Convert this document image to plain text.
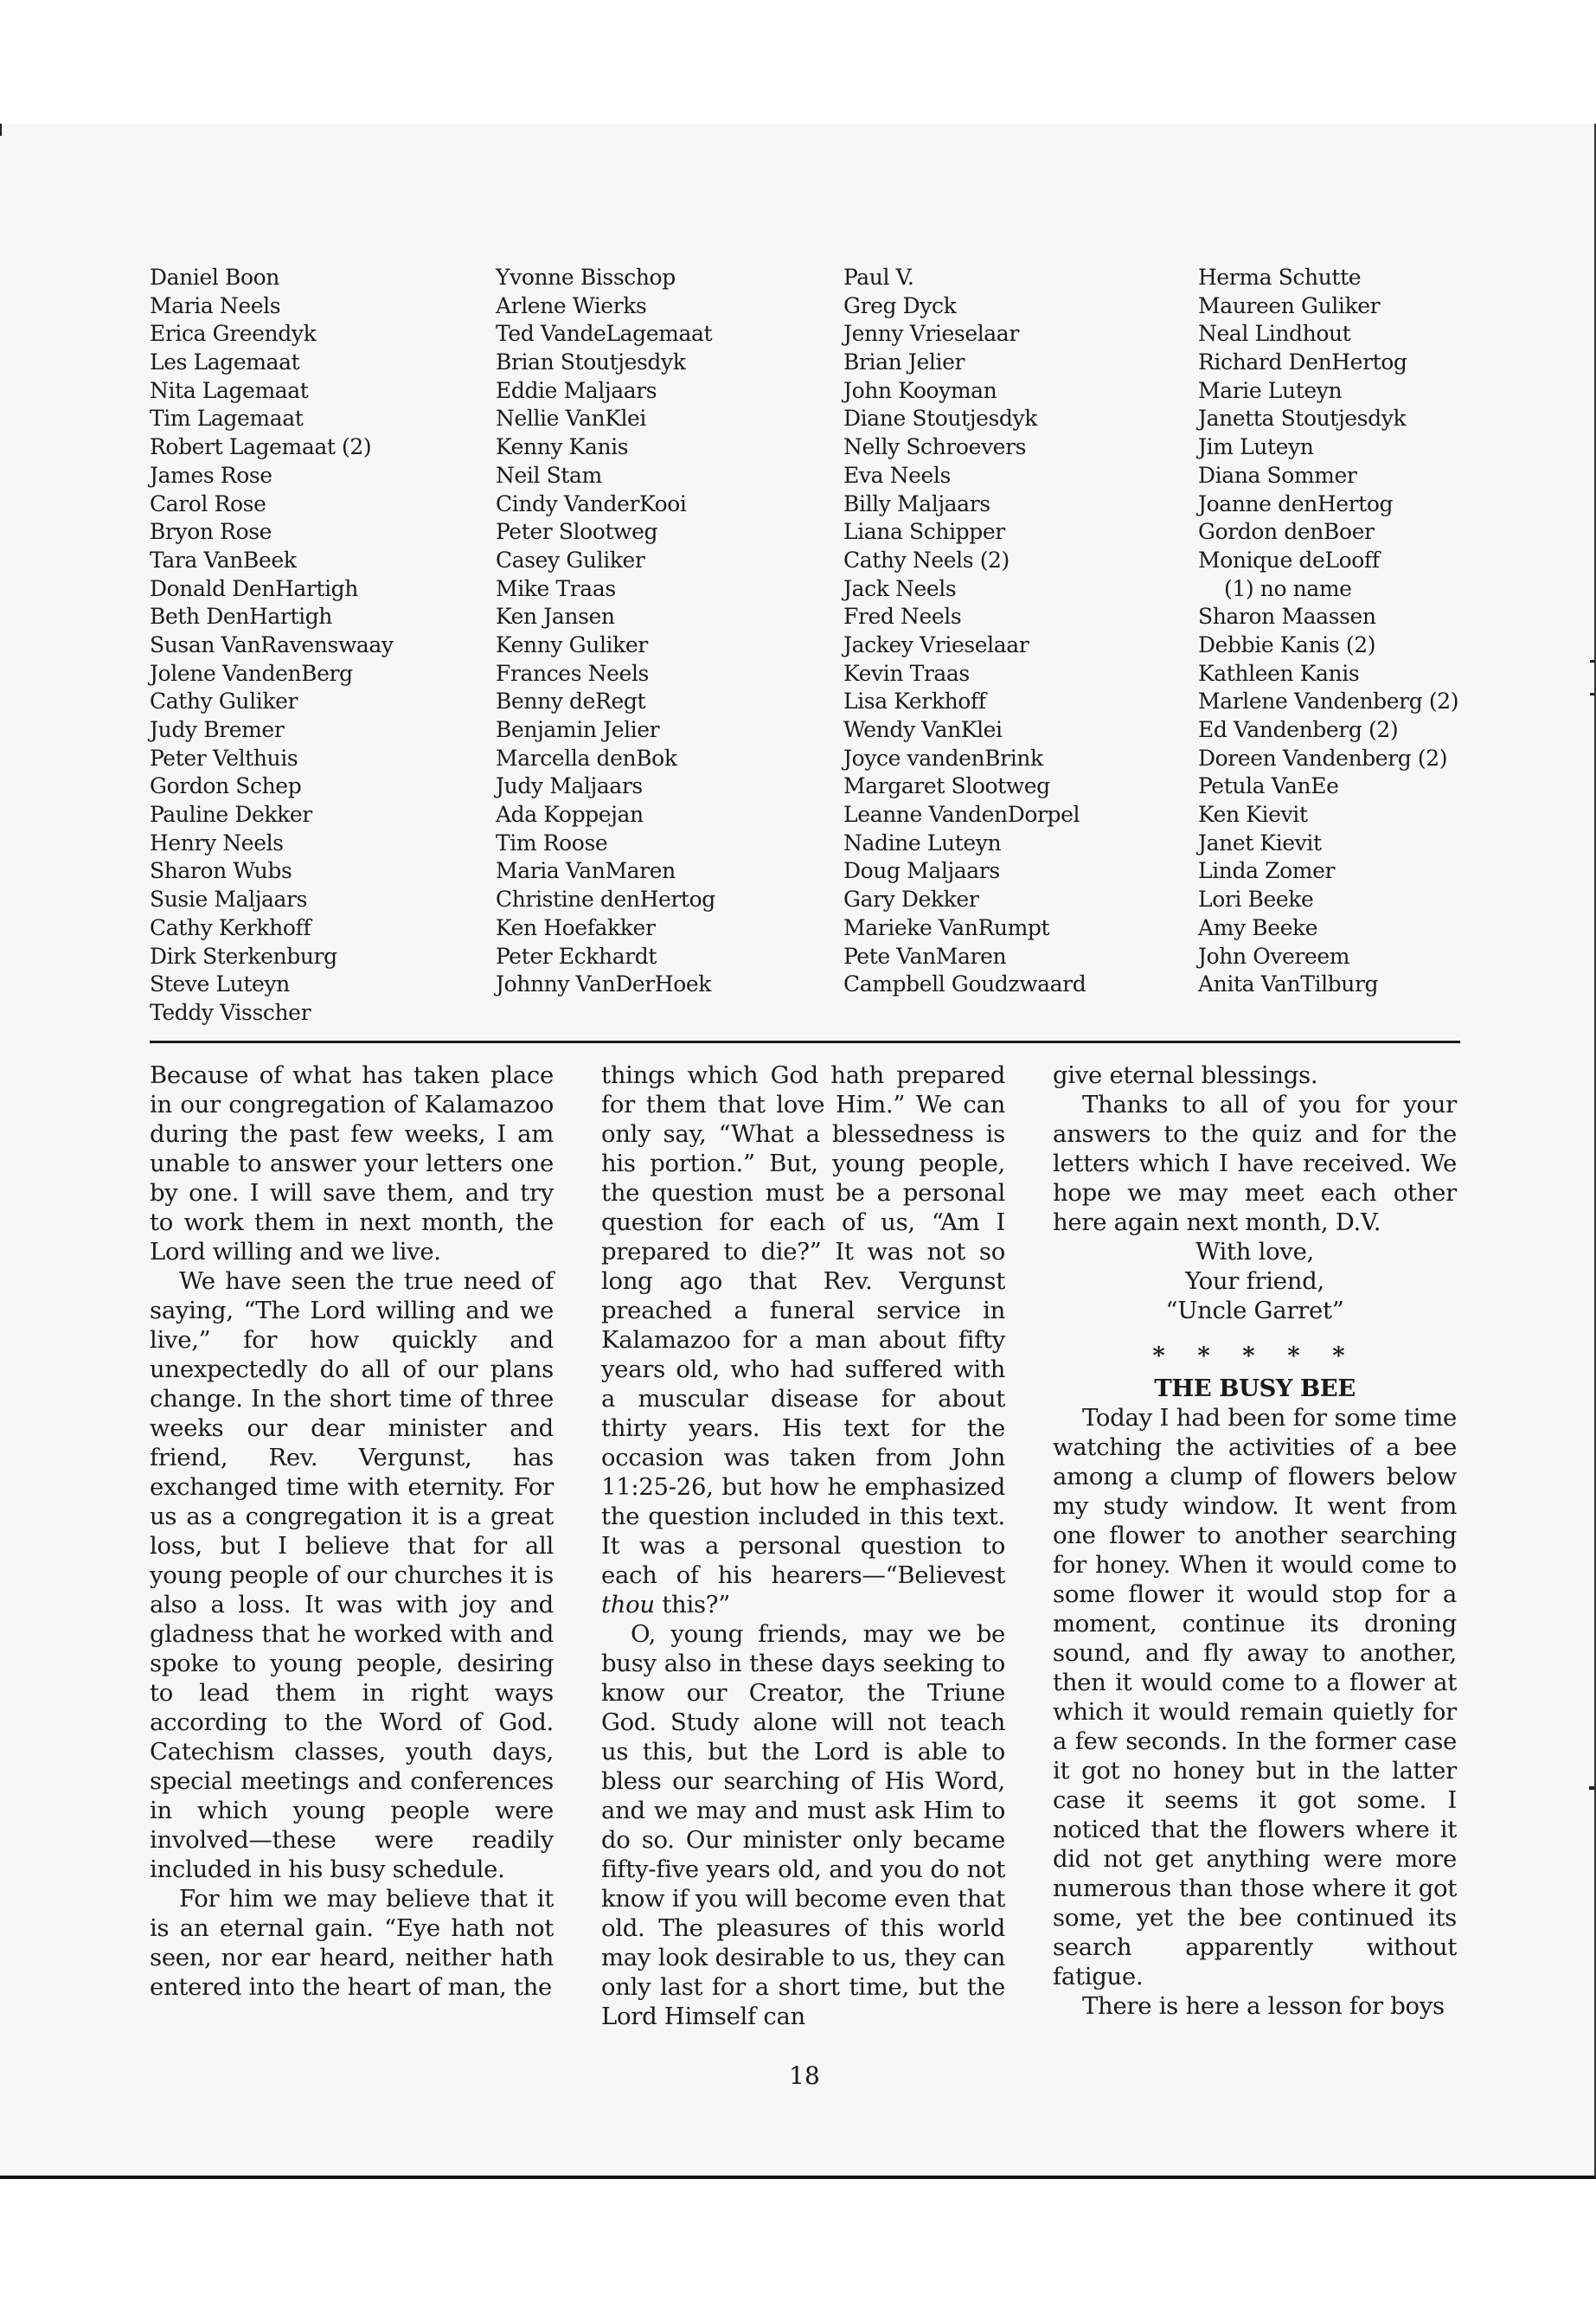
Daniel Boon
Maria Neels
Erica Greendyk
Les Lagemaat
Nita Lagemaat
Tim Lagemaat
Robert Lagemaat (2)
James Rose
Carol Rose
Bryon Rose
Tara VanBeek
Donald DenHartigh
Beth DenHartigh
Susan VanRavenswaay
Jolene VandenBerg
Cathy Guliker
Judy Bremer
Peter Velthuis
Gordon Schep
Pauline Dekker
Henry Neels
Sharon Wubs
Susie Maljaars
Cathy Kerkhoff
Dirk Sterkenburg
Steve Luteyn
Teddy Visscher
Yvonne Bisschop
Arlene Wierks
Ted VandeLagemaat
Brian Stoutjesdyk
Eddie Maljaars
Nellie VanKlei
Kenny Kanis
Neil Stam
Cindy VanderKooi
Peter Slootweg
Casey Guliker
Mike Traas
Ken Jansen
Kenny Guliker
Frances Neels
Benny deRegt
Benjamin Jelier
Marcella denBok
Judy Maljaars
Ada Koppejan
Tim Roose
Maria VanMaren
Christine denHertog
Ken Hoefakker
Peter Eckhardt
Johnny VanDerHoek
Paul V.
Greg Dyck
Jenny Vrieselaar
Brian Jelier
John Kooyman
Diane Stoutjesdyk
Nelly Schroevers
Eva Neels
Billy Maljaars
Liana Schipper
Cathy Neels (2)
Jack Neels
Fred Neels
Jackey Vrieselaar
Kevin Traas
Lisa Kerkhoff
Wendy VanKlei
Joyce vandenBrink
Margaret Slootweg
Leanne VandenDorpel
Nadine Luteyn
Doug Maljaars
Gary Dekker
Marieke VanRumpt
Pete VanMaren
Campbell Goudzwaard
Herma Schutte
Maureen Guliker
Neal Lindhout
Richard DenHertog
Marie Luteyn
Janetta Stoutjesdyk
Jim Luteyn
Diana Sommer
Joanne denHertog
Gordon denBoer
Monique deLooff
(1) no name
Sharon Maassen
Debbie Kanis (2)
Kathleen Kanis
Marlene Vandenberg (2)
Ed Vandenberg (2)
Doreen Vandenberg (2)
Petula VanEe
Ken Kievit
Janet Kievit
Linda Zomer
Lori Beeke
Amy Beeke
John Overeem
Anita VanTilburg

Because of what has taken place in our congregation of Kalamazoo during the past few weeks, I am unable to answer your letters one by one. I will save them, and try to work them in next month, the Lord willing and we live.

We have seen the true need of saying, “The Lord willing and we live,” for how quickly and unexpectedly do all of our plans change. In the short time of three weeks our dear minister and friend, Rev. Vergunst, has exchanged time with eternity. For us as a congregation it is a great loss, but I believe that for all young people of our churches it is also a loss. It was with joy and gladness that he worked with and spoke to young people, desiring to lead them in right ways according to the Word of God. Catechism classes, youth days, special meetings and conferences in which young people were involved—these were readily included in his busy schedule.

For him we may believe that it is an eternal gain. “Eye hath not seen, nor ear heard, neither hath entered into the heart of man, the

things which God hath prepared for them that love Him.” We can only say, “What a blessedness is his portion.” But, young people, the question must be a personal question for each of us, “Am I prepared to die?” It was not so long ago that Rev. Vergunst preached a funeral service in Kalamazoo for a man about fifty years old, who had suffered with a muscular disease for about thirty years. His text for the occasion was taken from John 11:25-26, but how he emphasized the question included in this text. It was a personal question to each of his hearers—“Believest thou this?”

O, young friends, may we be busy also in these days seeking to know our Creator, the Triune God. Study alone will not teach us this, but the Lord is able to bless our searching of His Word, and we may and must ask Him to do so. Our minister only became fifty-five years old, and you do not know if you will become even that old. The pleasures of this world may look desirable to us, they can only last for a short time, but the Lord Himself can

give eternal blessings.

Thanks to all of you for your answers to the quiz and for the letters which I have received. We hope we may meet each other here again next month, D.V.

With love,

Your friend,

“Uncle Garret”

* * * * *

THE BUSY BEE

Today I had been for some time watching the activities of a bee among a clump of flowers below my study window. It went from one flower to another searching for honey. When it would come to some flower it would stop for a moment, continue its droning sound, and fly away to another, then it would come to a flower at which it would remain quietly for a few seconds. In the former case it got no honey but in the latter case it seems it got some. I noticed that the flowers where it did not get anything were more numerous than those where it got some, yet the bee continued its search apparently without fatigue.

There is here a lesson for boys

18
